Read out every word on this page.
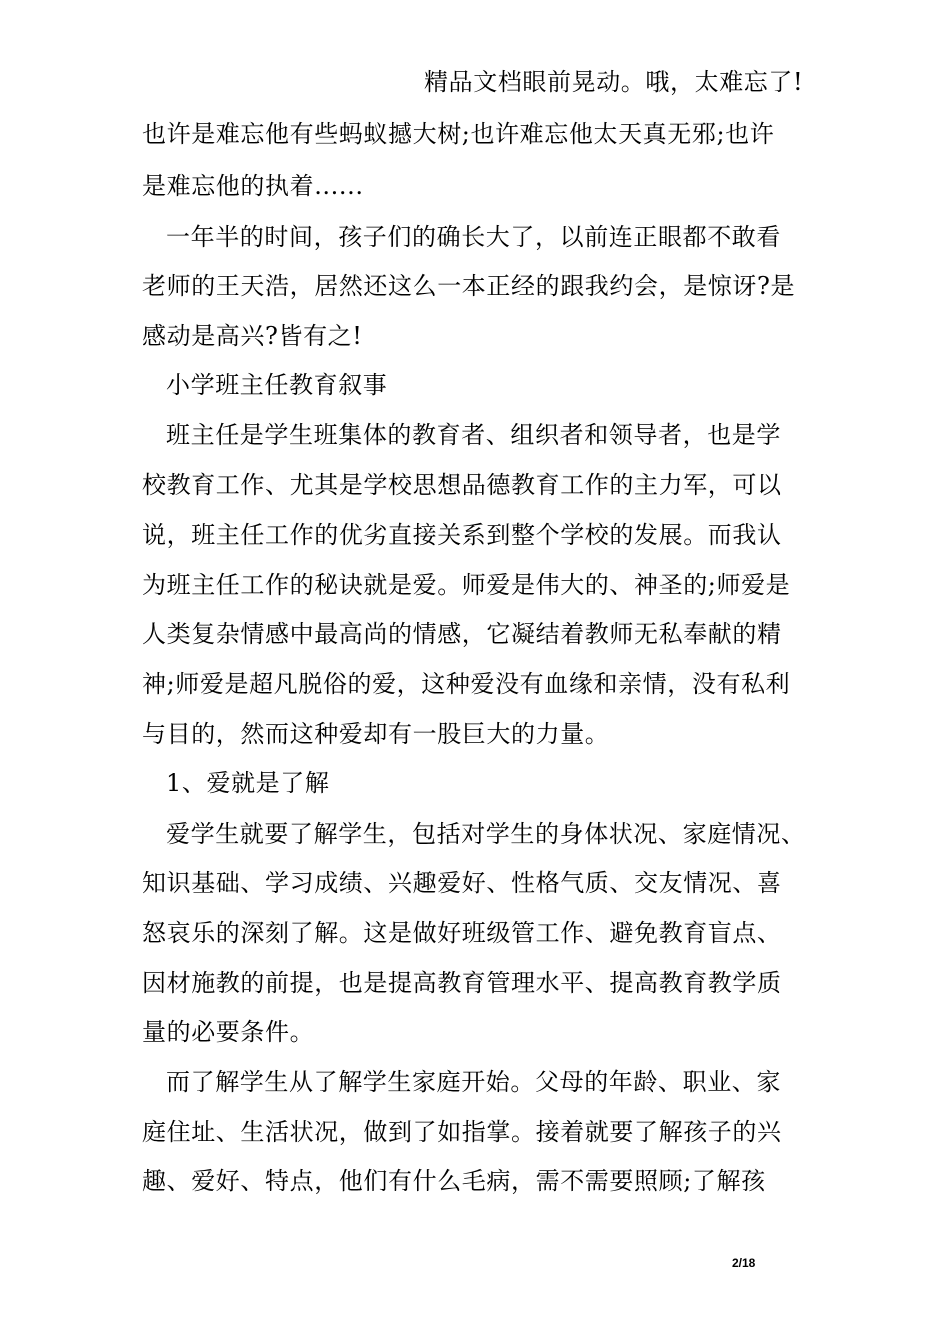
精品文档眼前晃动。哦，太难忘了!
也许是难忘他有些蚂蚁撼大树;也许难忘他太天真无邪;也许
是难忘他的执着......
一年半的时间，孩子们的确长大了，以前连正眼都不敢看
老师的王天浩，居然还这么一本正经的跟我约会，是惊讶?是
感动是高兴?皆有之!
小学班主任教育叙事
班主任是学生班集体的教育者、组织者和领导者，也是学
校教育工作、尤其是学校思想品德教育工作的主力军，可以
说，班主任工作的优劣直接关系到整个学校的发展。而我认
为班主任工作的秘诀就是爱。师爱是伟大的、神圣的;师爱是
人类复杂情感中最高尚的情感，它凝结着教师无私奉献的精
神;师爱是超凡脱俗的爱，这种爱没有血缘和亲情，没有私利
与目的，然而这种爱却有一股巨大的力量。
1、爱就是了解
爱学生就要了解学生，包括对学生的身体状况、家庭情况、
知识基础、学习成绩、兴趣爱好、性格气质、交友情况、喜
怒哀乐的深刻了解。这是做好班级管工作、避免教育盲点、
因材施教的前提，也是提高教育管理水平、提高教育教学质
量的必要条件。
而了解学生从了解学生家庭开始。父母的年龄、职业、家
庭住址、生活状况，做到了如指掌。接着就要了解孩子的兴
趣、爱好、特点，他们有什么毛病，需不需要照顾;了解孩
2/18
